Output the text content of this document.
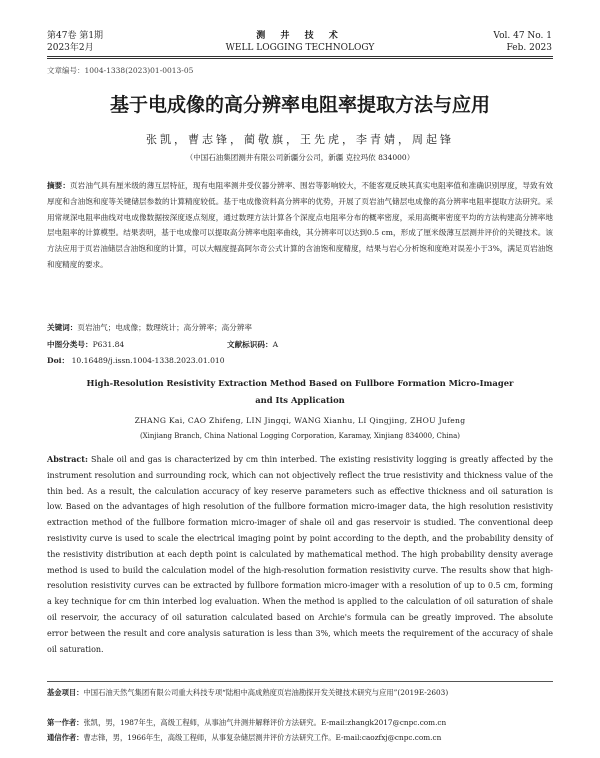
第47卷 第1期
2023年2月
测 井 技 术
WELL LOGGING TECHNOLOGY
Vol. 47 No. 1
Feb. 2023
文章编号：1004-1338(2023)01-0013-05
基于电成像的高分辨率电阻率提取方法与应用
张凯，曹志锋，蔺敬旗，王先虎，李青婧，周起锋
（中国石油集团测井有限公司新疆分公司，新疆 克拉玛依 834000）
摘要：页岩油气具有厘米级的薄互层特征，现有电阻率测井受仪器分辨率、围岩等影响较大，不能客观反映其真实电阻率值和准确识别厚度，导致有效厚度和含油饱和度等关键储层参数的计算精度较低。基于电成像资料高分辨率的优势，开展了页岩油气储层电成像的高分辨率电阻率提取方法研究。采用常规深电阻率曲线对电成像数据按深度逐点刻度，通过数理方法计算各个深度点电阻率分布的概率密度，采用高概率密度平均的方法构建高分辨率地层电阻率的计算模型。结果表明，基于电成像可以提取高分辨率电阻率曲线，其分辨率可以达到0.5 cm，形成了厘米级薄互层测井评价的关键技术。该方法应用于页岩油储层含油饱和度的计算，可以大幅度提高阿尔奇公式计算的含油饱和度精度，结果与岩心分析饱和度绝对误差小于3%，满足页岩油饱和度精度的要求。
关键词：页岩油气；电成像；数理统计；高分辨率；高分辨率
中图分类号：P631.84	文献标识码：A
Doi： 10.16489/j.issn.1004-1338.2023.01.010
High-Resolution Resistivity Extraction Method Based on Fullbore Formation Micro-Imager
and Its Application
ZHANG Kai, CAO Zhifeng, LIN Jingqi, WANG Xianhu, LI Qingjing, ZHOU Jufeng
(Xinjiang Branch, China National Logging Corporation, Karamay, Xinjiang 834000, China)
Abstract: Shale oil and gas is characterized by cm thin interbed. The existing resistivity logging is greatly affected by the instrument resolution and surrounding rock, which can not objectively reflect the true resistivity and thickness value of the thin bed. As a result, the calculation accuracy of key reserve parameters such as effective thickness and oil saturation is low. Based on the advantages of high resolution of the fullbore formation micro-imager data, the high resolution resistivity extraction method of the fullbore formation micro-imager of shale oil and gas reservoir is studied. The conventional deep resistivity curve is used to scale the electrical imaging point by point according to the depth, and the probability density of the resistivity distribution at each depth point is calculated by mathematical method. The high probability density average method is used to build the calculation model of the high-resolution formation resistivity curve. The results show that high-resolution resistivity curves can be extracted by fullbore formation micro-imager with a resolution of up to 0.5 cm, forming a key technique for cm thin interbed log evaluation. When the method is applied to the calculation of oil saturation of shale oil reservoir, the accuracy of oil saturation calculated based on Archie's formula can be greatly improved. The absolute error between the result and core analysis saturation is less than 3%, which meets the requirement of the accuracy of shale oil saturation.
基金项目：中国石油天然气集团有限公司重大科技专项“陆相中高成熟度页岩油勘探开发关键技术研究与应用”(2019E-2603)
第一作者：张凯，男，1987年生，高级工程师，从事油气井测井解释评价方法研究。E-mail:zhangk2017@cnpc.com.cn
通信作者：曹志锋，男，1966年生，高级工程师，从事复杂储层测井评价方法研究工作。E-mail:caozfxj@cnpc.com.cn
